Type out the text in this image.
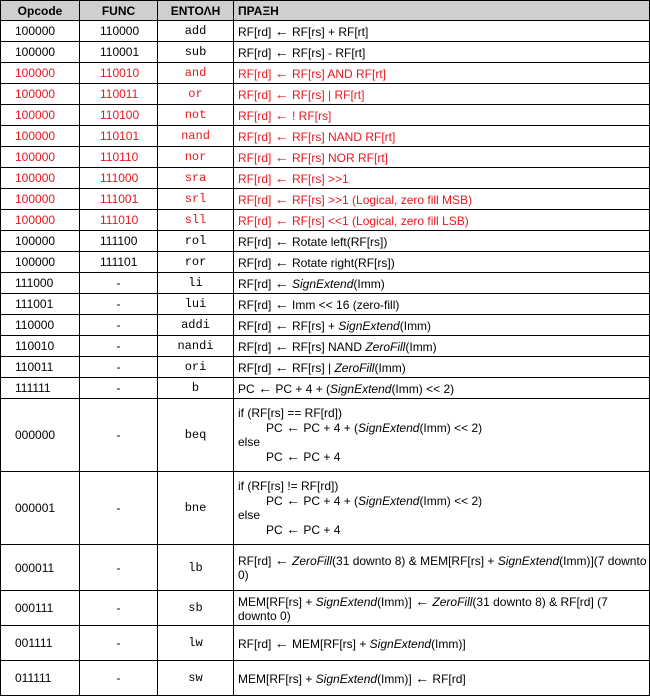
Opcode	FUNC	ΕΝΤΟΛΗ	ΠΡΑΞΗ
100000	110000	add	RF[rd] ← RF[rs] + RF[rt]
100000	110001	sub	RF[rd] ← RF[rs] - RF[rt]
100000	110010	and	RF[rd] ← RF[rs] AND RF[rt]
100000	110011	or	RF[rd] ← RF[rs] | RF[rt]
100000	110100	not	RF[rd] ← ! RF[rs]
100000	110101	nand	RF[rd] ← RF[rs] NAND RF[rt]
100000	110110	nor	RF[rd] ← RF[rs] NOR RF[rt]
100000	111000	sra	RF[rd] ← RF[rs] >>1
100000	111001	srl	RF[rd] ← RF[rs] >>1 (Logical, zero fill MSB)
100000	111010	sll	RF[rd] ← RF[rs] <<1 (Logical, zero fill LSB)
100000	111100	rol	RF[rd] ← Rotate left(RF[rs])
100000	111101	ror	RF[rd] ← Rotate right(RF[rs])
111000	-	li	RF[rd] ← SignExtend(Imm)
111001	-	lui	RF[rd] ← Imm << 16 (zero-fill)
110000	-	addi	RF[rd] ← RF[rs] + SignExtend(Imm)
110010	-	nandi	RF[rd] ← RF[rs] NAND ZeroFill(Imm)
110011	-	ori	RF[rd] ← RF[rs] | ZeroFill(Imm)
111111	-	b	PC ← PC + 4 + (SignExtend(Imm) << 2)
000000	-	beq	if (RF[rs] == RF[rd])
PC ← PC + 4 + (SignExtend(Imm) << 2)
else
PC ← PC + 4

000001	-	bne	if (RF[rs] != RF[rd])
PC ← PC + 4 + (SignExtend(Imm) << 2)
else
PC ← PC + 4

000011	-	lb	RF[rd] ← ZeroFill(31 downto 8) & MEM[RF[rs] + SignExtend(Imm)](7 downto 0)
000111	-	sb	MEM[RF[rs] + SignExtend(Imm)] ← ZeroFill(31 downto 8) & RF[rd] (7 downto 0)
001111	-	lw	RF[rd] ← MEM[RF[rs] + SignExtend(Imm)]
011111	-	sw	MEM[RF[rs] + SignExtend(Imm)] ← RF[rd]
